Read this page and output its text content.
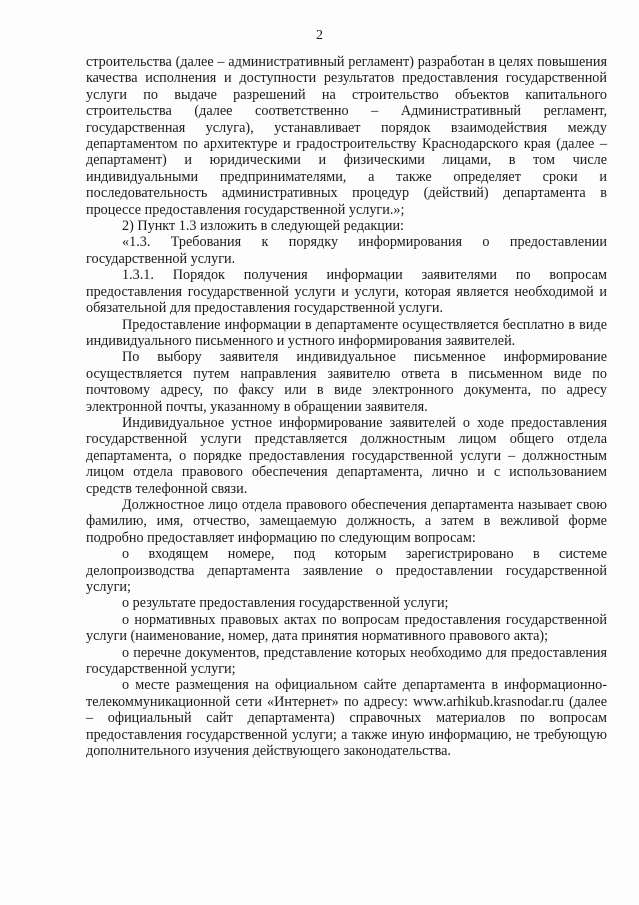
2

строительства (далее – административный регламент) разработан в целях повышения качества исполнения и доступности результатов предоставления государственной услуги по выдаче разрешений на строительство объектов капитального строительства (далее соответственно – Административный регламент, государственная услуга), устанавливает порядок взаимодействия между департаментом по архитектуре и градостроительству Краснодарского края (далее – департамент) и юридическими и физическими лицами, в том числе индивидуальными предпринимателями, а также определяет сроки и последовательность административных процедур (действий) департамента в процессе предоставления государственной услуги.»;

2) Пункт 1.3 изложить в следующей редакции:

«1.3. Требования к порядку информирования о предоставлении государственной услуги.

1.3.1. Порядок получения информации заявителями по вопросам предоставления государственной услуги и услуги, которая является необходимой и обязательной для предоставления государственной услуги.

Предоставление информации в департаменте осуществляется бесплатно в виде индивидуального письменного и устного информирования заявителей.

По выбору заявителя индивидуальное письменное информирование осуществляется путем направления заявителю ответа в письменном виде по почтовому адресу, по факсу или в виде электронного документа, по адресу электронной почты, указанному в обращении заявителя.

Индивидуальное устное информирование заявителей о ходе предоставления государственной услуги представляется должностным лицом общего отдела департамента, о порядке предоставления государственной услуги – должностным лицом отдела правового обеспечения департамента, лично и с использованием средств телефонной связи.

Должностное лицо отдела правового обеспечения департамента называет свою фамилию, имя, отчество, замещаемую должность, а затем в вежливой форме подробно предоставляет информацию по следующим вопросам:

о входящем номере, под которым зарегистрировано в системе делопроизводства департамента заявление о предоставлении государственной услуги;

о результате предоставления государственной услуги;

о нормативных правовых актах по вопросам предоставления государственной услуги (наименование, номер, дата принятия нормативного правового акта);

о перечне документов, представление которых необходимо для предоставления государственной услуги;

о месте размещения на официальном сайте департамента в информационно-телекоммуникационной сети «Интернет» по адресу: www.arhikub.krasnodar.ru (далее – официальный сайт департамента) справочных материалов по вопросам предоставления государственной услуги; а также иную информацию, не требующую дополнительного изучения действующего законодательства.
